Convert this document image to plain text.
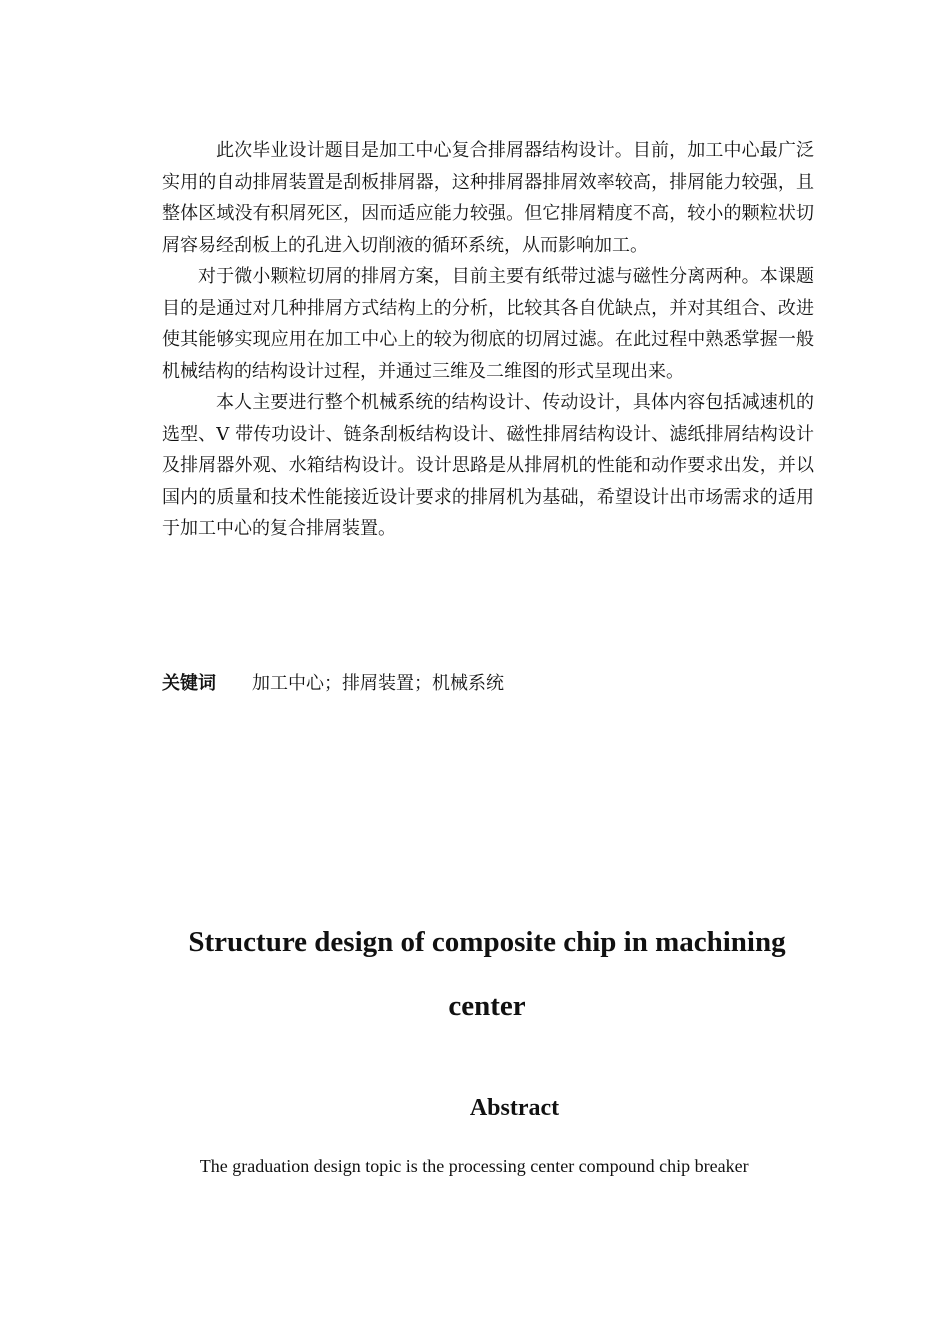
此次毕业设计题目是加工中心复合排屑器结构设计。目前，加工中心最广泛实用的自动排屑装置是刮板排屑器，这种排屑器排屑效率较高，排屑能力较强，且整体区域没有积屑死区，因而适应能力较强。但它排屑精度不高，较小的颗粒状切屑容易经刮板上的孔进入切削液的循环系统，从而影响加工。

对于微小颗粒切屑的排屑方案，目前主要有纸带过滤与磁性分离两种。本课题目的是通过对几种排屑方式结构上的分析，比较其各自优缺点，并对其组合、改进使其能够实现应用在加工中心上的较为彻底的切屑过滤。在此过程中熟悉掌握一般机械结构的结构设计过程，并通过三维及二维图的形式呈现出来。

本人主要进行整个机械系统的结构设计、传动设计，具体内容包括减速机的选型、V 带传功设计、链条刮板结构设计、磁性排屑结构设计、滤纸排屑结构设计及排屑器外观、水箱结构设计。设计思路是从排屑机的性能和动作要求出发，并以国内的质量和技术性能接近设计要求的排屑机为基础，希望设计出市场需求的适用于加工中心的复合排屑装置。

关键词 加工中心；排屑装置；机械系统
Structure design of composite chip in machining center
Abstract
The graduation design topic is the processing center compound chip breaker
